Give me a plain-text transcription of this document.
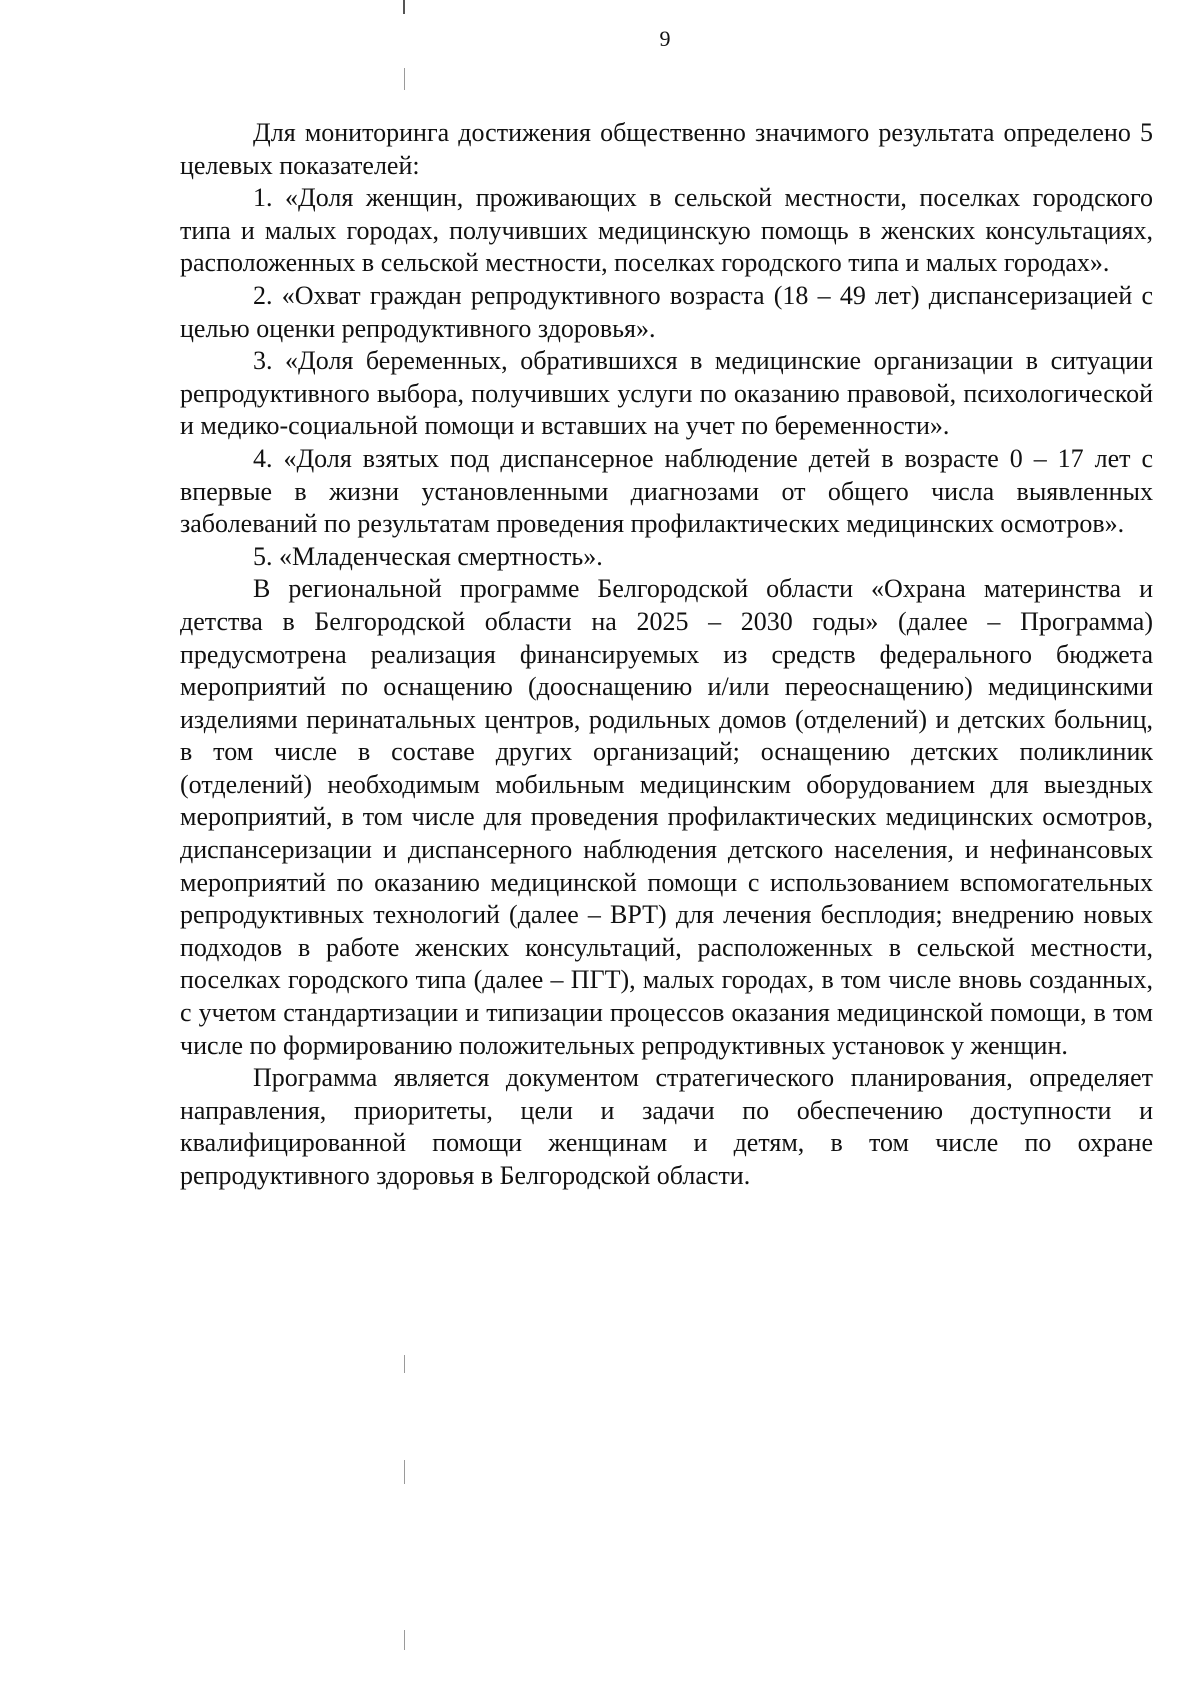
9

Для мониторинга достижения общественно значимого результата определено 5 целевых показателей:

1. «Доля женщин, проживающих в сельской местности, поселках городского типа и малых городах, получивших медицинскую помощь в женских консультациях, расположенных в сельской местности, поселках городского типа и малых городах».

2. «Охват граждан репродуктивного возраста (18 – 49 лет) диспансеризацией с целью оценки репродуктивного здоровья».

3. «Доля беременных, обратившихся в медицинские организации в ситуации репродуктивного выбора, получивших услуги по оказанию правовой, психологической и медико-социальной помощи и вставших на учет по беременности».

4. «Доля взятых под диспансерное наблюдение детей в возрасте 0 – 17 лет с впервые в жизни установленными диагнозами от общего числа выявленных заболеваний по результатам проведения профилактических медицинских осмотров».

5. «Младенческая смертность».

В региональной программе Белгородской области «Охрана материнства и детства в Белгородской области на 2025 – 2030 годы» (далее – Программа) предусмотрена реализация финансируемых из средств федерального бюджета мероприятий по оснащению (дооснащению и/или переоснащению) медицинскими изделиями перинатальных центров, родильных домов (отделений) и детских больниц, в том числе в составе других организаций; оснащению детских поликлиник (отделений) необходимым мобильным медицинским оборудованием для выездных мероприятий, в том числе для проведения профилактических медицинских осмотров, диспансеризации и диспансерного наблюдения детского населения, и нефинансовых мероприятий по оказанию медицинской помощи с использованием вспомогательных репродуктивных технологий (далее – ВРТ) для лечения бесплодия; внедрению новых подходов в работе женских консультаций, расположенных в сельской местности, поселках городского типа (далее – ПГТ), малых городах, в том числе вновь созданных, с учетом стандартизации и типизации процессов оказания медицинской помощи, в том числе по формированию положительных репродуктивных установок у женщин.

Программа является документом стратегического планирования, определяет направления, приоритеты, цели и задачи по обеспечению доступности и квалифицированной помощи женщинам и детям, в том числе по охране репродуктивного здоровья в Белгородской области.
